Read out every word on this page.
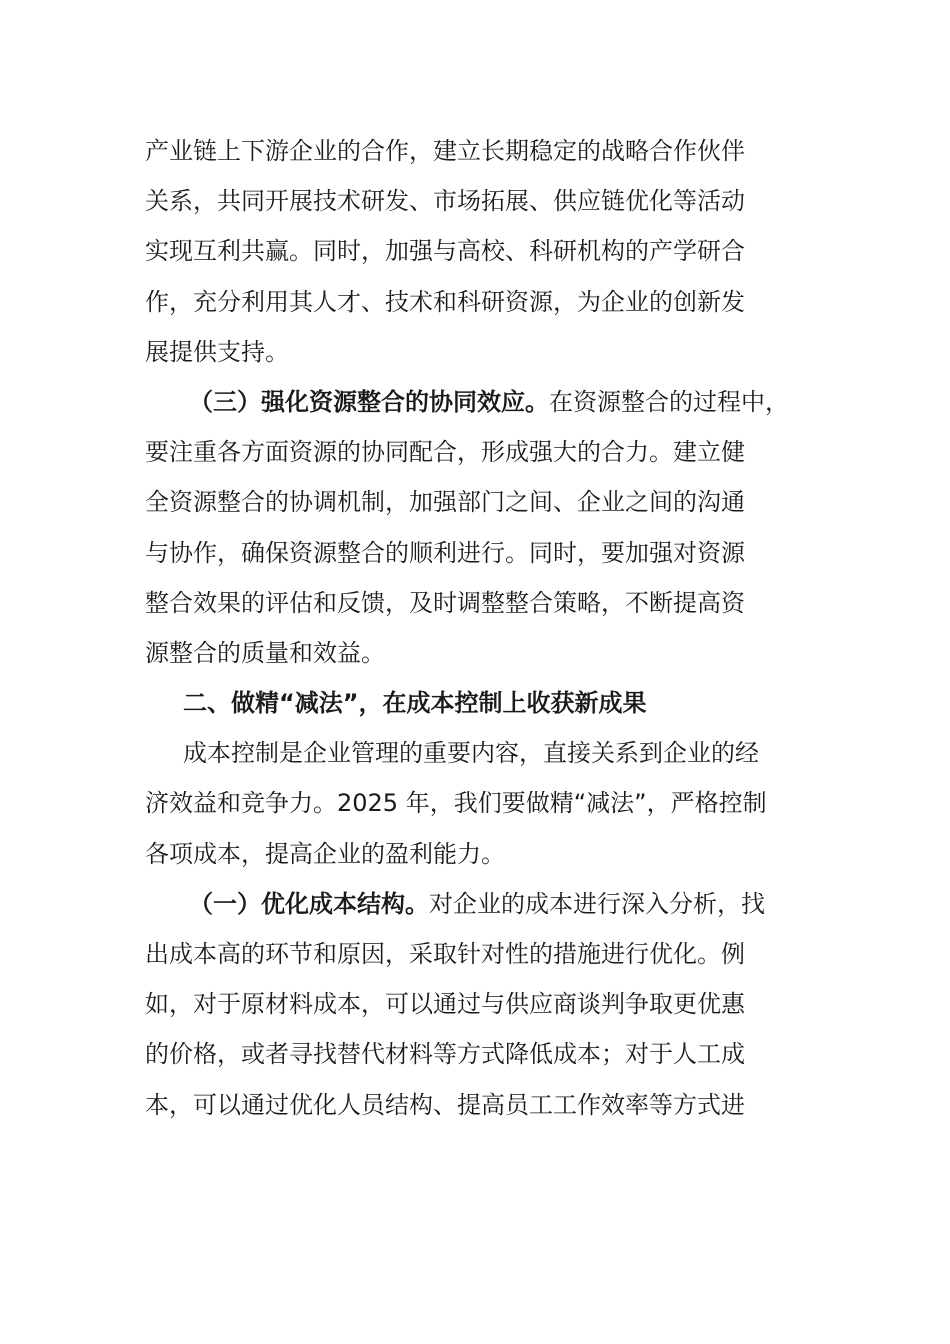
产业链上下游企业的合作，建立长期稳定的战略合作伙伴
关系，共同开展技术研发、市场拓展、供应链优化等活动
实现互利共赢。同时，加强与高校、科研机构的产学研合
作，充分利用其人才、技术和科研资源，为企业的创新发
展提供支持。
（三）强化资源整合的协同效应。在资源整合的过程中，
要注重各方面资源的协同配合，形成强大的合力。建立健
全资源整合的协调机制，加强部门之间、企业之间的沟通
与协作，确保资源整合的顺利进行。同时，要加强对资源
整合效果的评估和反馈，及时调整整合策略，不断提高资
源整合的质量和效益。
二、做精“减法”，在成本控制上收获新成果
成本控制是企业管理的重要内容，直接关系到企业的经
济效益和竞争力。2025 年，我们要做精“减法”，严格控制
各项成本，提高企业的盈利能力。
（一）优化成本结构。对企业的成本进行深入分析，找
出成本高的环节和原因，采取针对性的措施进行优化。例
如，对于原材料成本，可以通过与供应商谈判争取更优惠
的价格，或者寻找替代材料等方式降低成本；对于人工成
本，可以通过优化人员结构、提高员工工作效率等方式进
